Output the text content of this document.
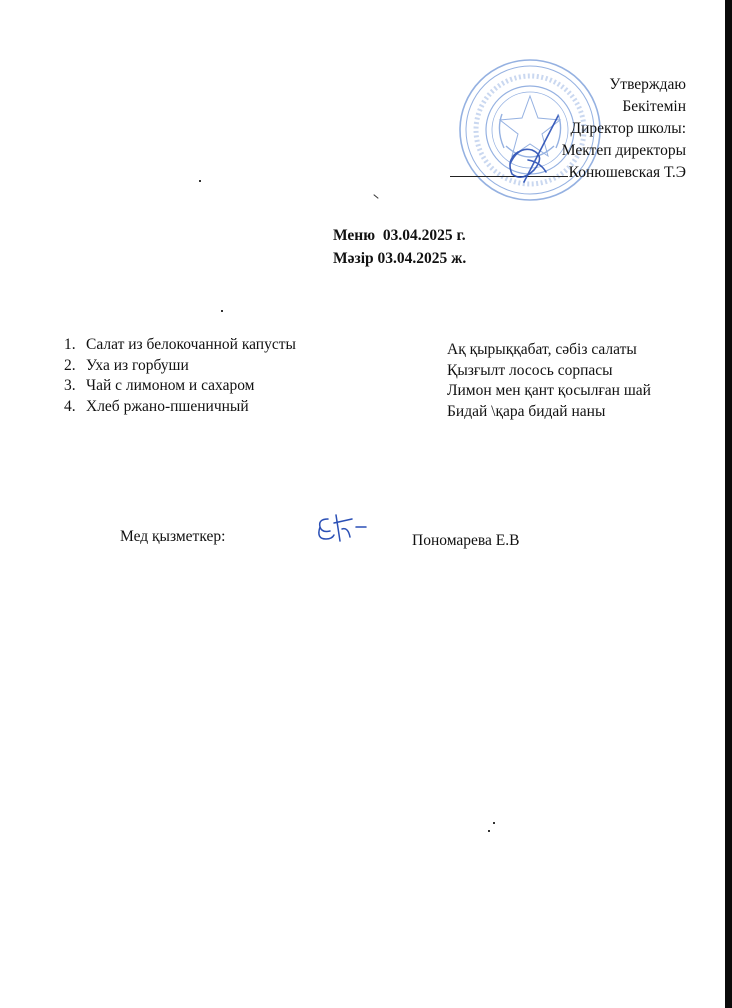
Утверждаю
Бекітемін
Директор школы:
Мектеп директоры
Конюшевская Т.Э
Меню  03.04.2025 г.
Мәзір 03.04.2025 ж.
1. Салат из белокочанной капусты
2. Уха из горбуши
3. Чай с лимоном и сахаром
4. Хлеб ржано-пшеничный
Ақ қырыққабат, сәбіз салаты
Қызғылт лосось сорпасы
Лимон мен қант қосылған шай
Бидай \қара бидай наны
Мед қызметкер:	Пономарева Е.В
